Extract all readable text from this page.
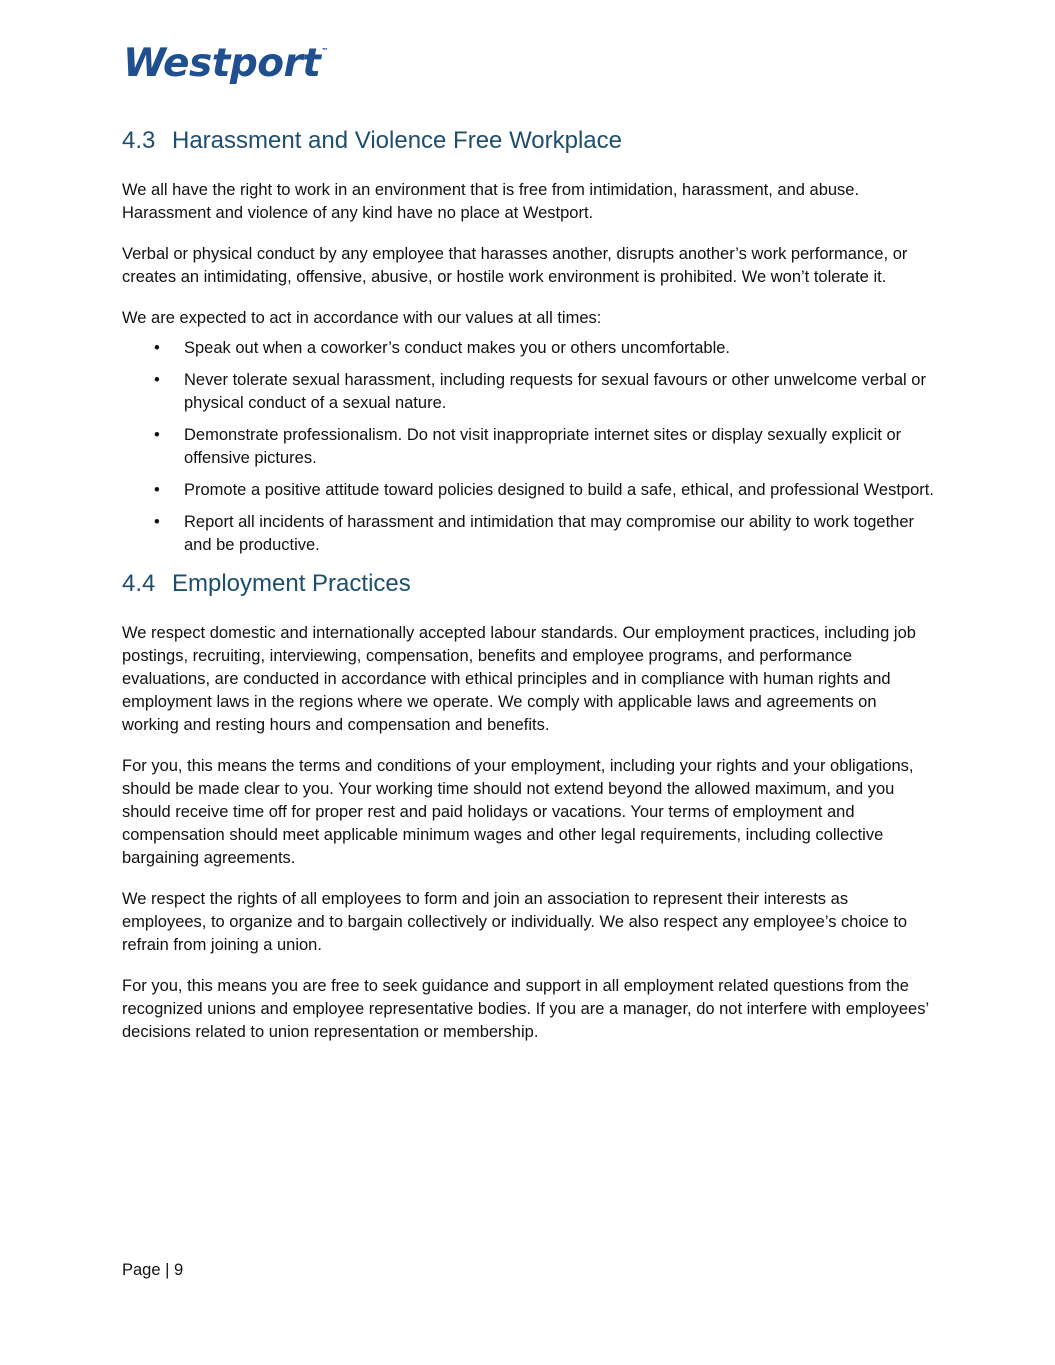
Westport™
4.3 Harassment and Violence Free Workplace

We all have the right to work in an environment that is free from intimidation, harassment, and abuse. Harassment and violence of any kind have no place at Westport.

Verbal or physical conduct by any employee that harasses another, disrupts another’s work performance, or creates an intimidating, offensive, abusive, or hostile work environment is prohibited. We won’t tolerate it.

We are expected to act in accordance with our values at all times:

• Speak out when a coworker’s conduct makes you or others uncomfortable.
• Never tolerate sexual harassment, including requests for sexual favours or other unwelcome verbal or physical conduct of a sexual nature.
• Demonstrate professionalism. Do not visit inappropriate internet sites or display sexually explicit or offensive pictures.
• Promote a positive attitude toward policies designed to build a safe, ethical, and professional Westport.
• Report all incidents of harassment and intimidation that may compromise our ability to work together and be productive.
4.4 Employment Practices

We respect domestic and internationally accepted labour standards. Our employment practices, including job postings, recruiting, interviewing, compensation, benefits and employee programs, and performance evaluations, are conducted in accordance with ethical principles and in compliance with human rights and employment laws in the regions where we operate. We comply with applicable laws and agreements on working and resting hours and compensation and benefits.

For you, this means the terms and conditions of your employment, including your rights and your obligations, should be made clear to you. Your working time should not extend beyond the allowed maximum, and you should receive time off for proper rest and paid holidays or vacations. Your terms of employment and compensation should meet applicable minimum wages and other legal requirements, including collective bargaining agreements.

We respect the rights of all employees to form and join an association to represent their interests as employees, to organize and to bargain collectively or individually. We also respect any employee’s choice to refrain from joining a union.

For you, this means you are free to seek guidance and support in all employment related questions from the recognized unions and employee representative bodies. If you are a manager, do not interfere with employees’ decisions related to union representation or membership.

Page | 9
